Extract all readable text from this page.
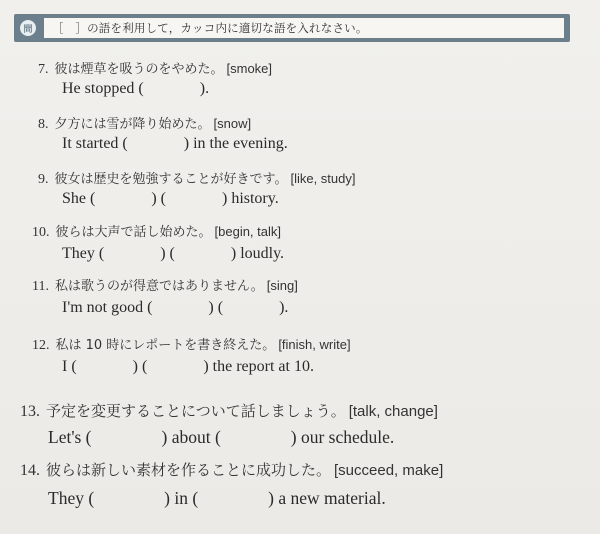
問	［　］の語を利用して，カッコ内に適切な語を入れなさい。
7. 彼は煙草を吸うのをやめた。 [smoke]
He stopped (              ).
8. 夕方には雪が降り始めた。 [snow]
It started (              ) in the evening.
9. 彼女は歴史を勉強することが好きです。 [like, study]
She (              ) (              ) history.
10. 彼らは大声で話し始めた。 [begin, talk]
They (              ) (              ) loudly.
11. 私は歌うのが得意ではありません。 [sing]
I'm not good (              ) (              ).
12. 私は 10 時にレポートを書き終えた。 [finish, write]
I (              ) (              ) the report at 10.
13. 予定を変更することについて話しましょう。 [talk, change]
Let's (                ) about (                ) our schedule.
14. 彼らは新しい素材を作ることに成功した。 [succeed, make]
They (                ) in (                ) a new material.
